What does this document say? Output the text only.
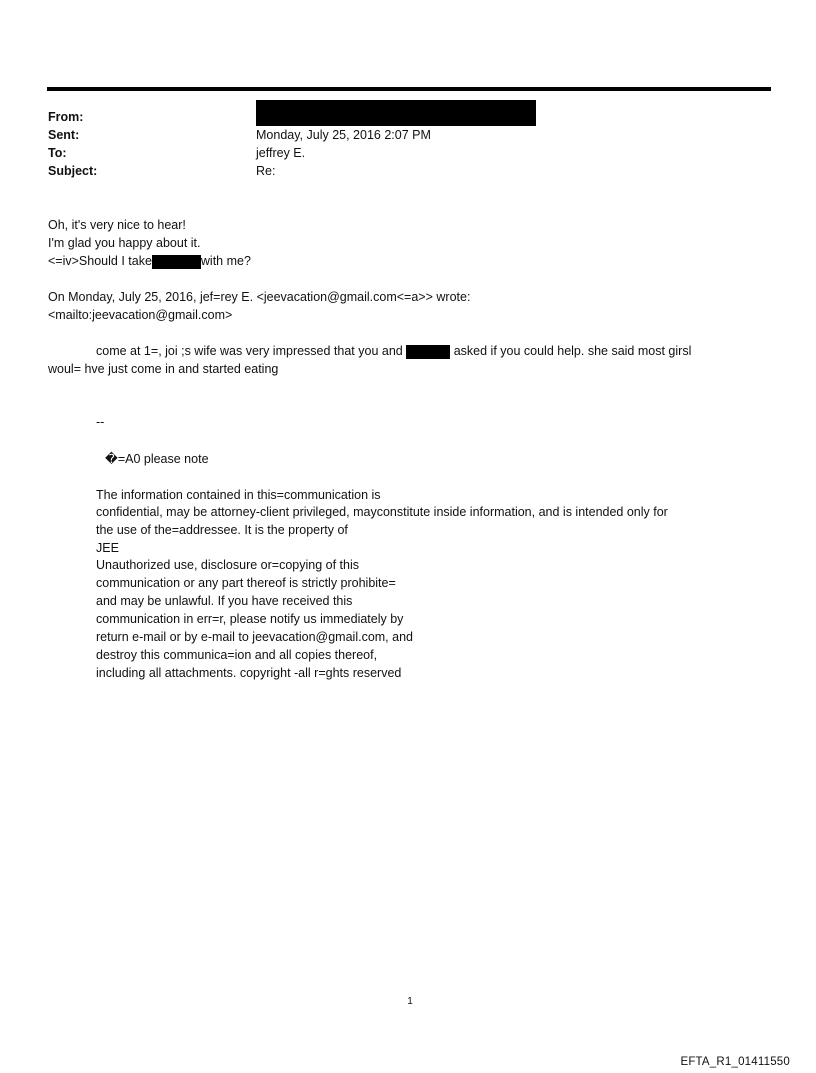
From:
Sent:	Monday, July 25, 2016 2:07 PM
To:	jeffrey E.
Subject:	Re:
Oh, it's very nice to hear!
I'm glad you happy about it.
<=iv>Should I take	with me?
On Monday, July 25, 2016, jef=rey E. <jeevacation@gmail.com<=a>> wrote:
<mailto:jeevacation@gmail.com>
come at 1=, joi ;s wife was very impressed that you and	asked if you could help. she said most girsl
woul= hve just come in and started eating
--
�=A0 please note
The information contained in this=communication is
confidential, may be attorney-client privileged, mayconstitute inside information, and is intended only for
the use of the=addressee. It is the property of
JEE
Unauthorized use, disclosure or=copying of this
communication or any part thereof is strictly prohibite=
and may be unlawful. If you have received this
communication in err=r, please notify us immediately by
return e-mail or by e-mail to jeevacation@gmail.com, and
destroy this communica=ion and all copies thereof,
including all attachments. copyright -all r=ghts reserved
1
EFTA_R1_01411550
